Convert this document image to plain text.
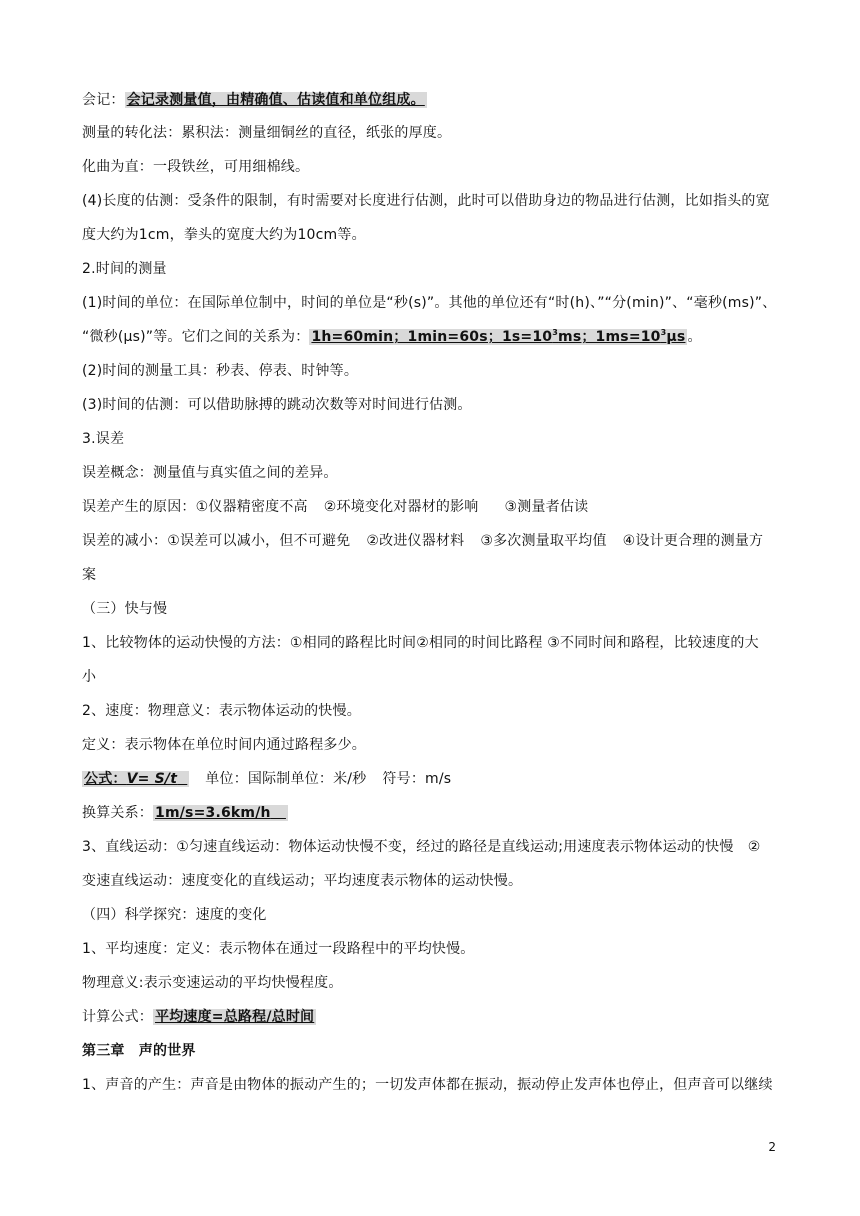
会记： 会记录测量值，由精确值、估读值和单位组成。
测量的转化法：累积法：测量细铜丝的直径，纸张的厚度。
化曲为直：一段铁丝，可用细棉线。
(4)长度的估测：受条件的限制，有时需要对长度进行估测，此时可以借助身边的物品进行估测，比如指头的宽
度大约为1cm，拳头的宽度大约为10cm等。
2.时间的测量
(1)时间的单位：在国际单位制中，时间的单位是“秒(s)”。其他的单位还有“时(h)、”“分(min)”、“毫秒(ms)”、
“微秒(μs)”等。它们之间的关系为： 1h=60min；1min=60s；$1s=10^3ms$；$1ms=10^3\mu s$ 。
(2)时间的测量工具：秒表、停表、时钟等。
(3)时间的估测：可以借助脉搏的跳动次数等对时间进行估测。
3.误差
误差概念：测量值与真实值之间的差异。
误差产生的原因：①仪器精密度不高 ②环境变化对器材的影响 ③测量者估读
误差的减小：①误差可以减小，但不可避免 ②改进仪器材料 ③多次测量取平均值 ④设计更合理的测量方
案
（三）快与慢
1、比较物体的运动快慢的方法：①相同的路程比时间②相同的时间比路程 ③不同时间和路程，比较速度的大
小
2、速度：物理意义：表示物体运动的快慢。
定义：表示物体在单位时间内通过路程多少。
公式：V= S/t 单位：国际制单位：米/秒 符号：m/s
换算关系： 1m/s=3.6km/h
3、直线运动：①匀速直线运动：物体运动快慢不变，经过的路径是直线运动;用速度表示物体运动的快慢　②
变速直线运动：速度变化的直线运动；平均速度表示物体的运动快慢。
（四）科学探究：速度的变化
1、平均速度：定义：表示物体在通过一段路程中的平均快慢。
物理意义:表示变速运动的平均快慢程度。
计算公式： 平均速度=总路程/总时间
第三章　声的世界
1、声音的产生：声音是由物体的振动产生的；一切发声体都在振动，振动停止发声体也停止，但声音可以继续
2
